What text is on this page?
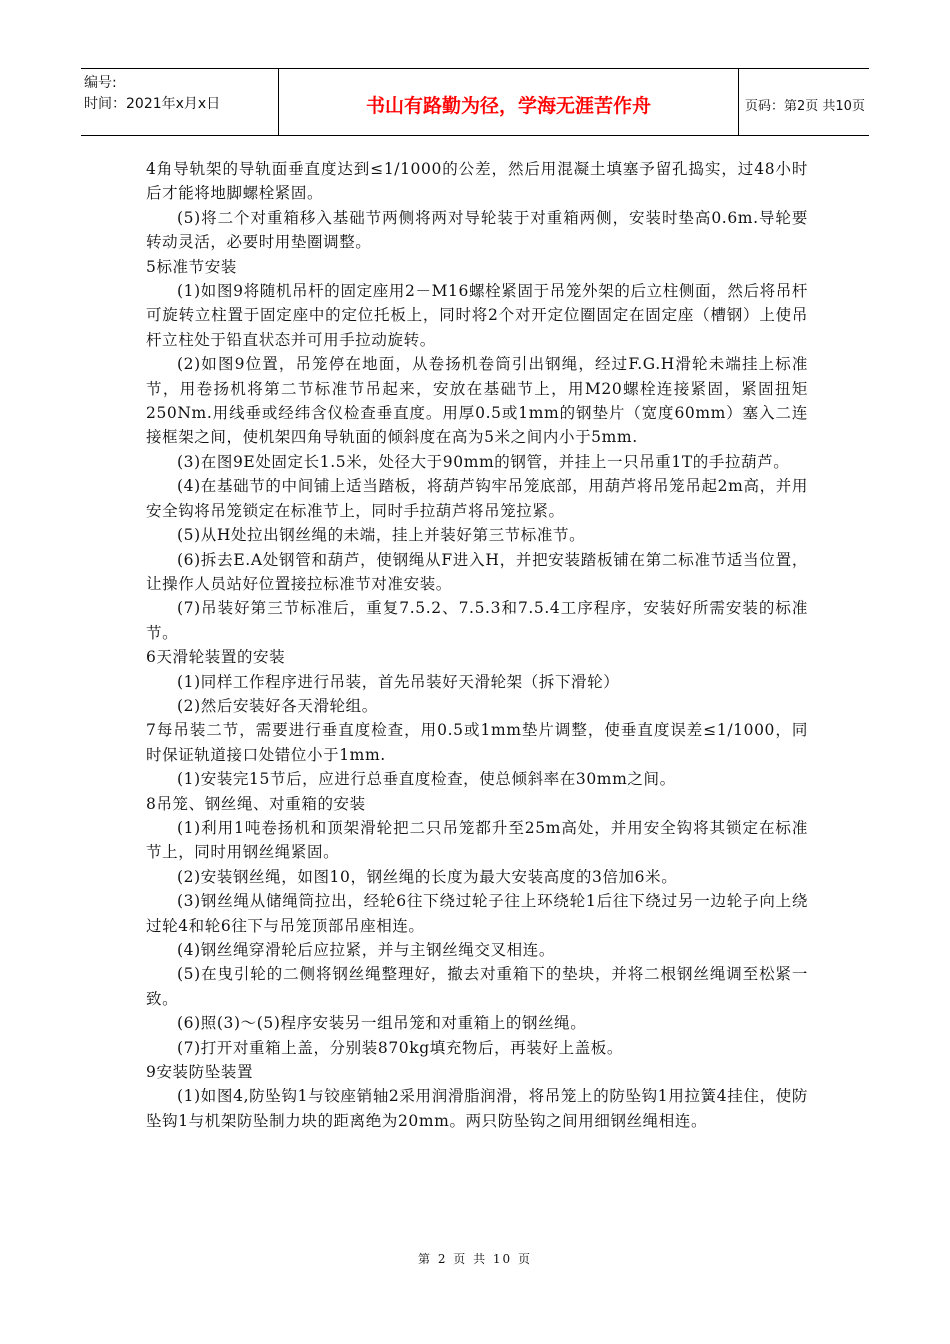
编号:
时间：2021年x月x日	书山有路勤为径，学海无涯苦作舟	页码：第2页 共10页

4角导轨架的导轨面垂直度达到≤1/1000的公差，然后用混凝土填塞予留孔捣实，过48小时后才能将地脚螺栓紧固。

(5)将二个对重箱移入基础节两侧将两对导轮装于对重箱两侧，安装时垫高0.6m.导轮要转动灵活，必要时用垫圈调整。

5标准节安装

(1)如图9将随机吊杆的固定座用2－M16螺栓紧固于吊笼外架的后立柱侧面，然后将吊杆可旋转立柱置于固定座中的定位托板上，同时将2个对开定位圈固定在固定座（槽钢）上使吊杆立柱处于铅直状态并可用手拉动旋转。

(2)如图9位置，吊笼停在地面，从卷扬机卷筒引出钢绳，经过F.G.H滑轮未端挂上标准节，用卷扬机将第二节标准节吊起来，安放在基础节上，用M20螺栓连接紧固，紧固扭矩250Nm.用线垂或经纬含仪检查垂直度。用厚0.5或1mm的钢垫片（宽度60mm）塞入二连接框架之间，使机架四角导轨面的倾斜度在高为5米之间内小于5mm.

(3)在图9E处固定长1.5米，处径大于90mm的钢管，并挂上一只吊重1T的手拉葫芦。

(4)在基础节的中间铺上适当踏板，将葫芦钩牢吊笼底部，用葫芦将吊笼吊起2m高，并用安全钩将吊笼锁定在标准节上，同时手拉葫芦将吊笼拉紧。

(5)从H处拉出钢丝绳的未端，挂上并装好第三节标准节。

(6)拆去E.A处钢管和葫芦，使钢绳从F进入H，并把安装踏板铺在第二标准节适当位置，让操作人员站好位置接拉标准节对准安装。

(7)吊装好第三节标准后，重复7.5.2、7.5.3和7.5.4工序程序，安装好所需安装的标准节。

6天滑轮装置的安装

(1)同样工作程序进行吊装，首先吊装好天滑轮架（拆下滑轮）

(2)然后安装好各天滑轮组。

7每吊装二节，需要进行垂直度检查，用0.5或1mm垫片调整，使垂直度误差≤1/1000，同时保证轨道接口处错位小于1mm.

(1)安装完15节后，应进行总垂直度检查，使总倾斜率在30mm之间。

8吊笼、钢丝绳、对重箱的安装

(1)利用1吨卷扬机和顶架滑轮把二只吊笼都升至25m高处，并用安全钩将其锁定在标准节上，同时用钢丝绳紧固。

(2)安装钢丝绳，如图10，钢丝绳的长度为最大安装高度的3倍加6米。

(3)钢丝绳从储绳筒拉出，经轮6往下绕过轮子往上环绕轮1后往下绕过另一边轮子向上绕过轮4和轮6往下与吊笼顶部吊座相连。

(4)钢丝绳穿滑轮后应拉紧，并与主钢丝绳交叉相连。

(5)在曳引轮的二侧将钢丝绳整理好，撤去对重箱下的垫块，并将二根钢丝绳调至松紧一致。

(6)照(3)～(5)程序安装另一组吊笼和对重箱上的钢丝绳。

(7)打开对重箱上盖，分别装870kg填充物后，再装好上盖板。

9安装防坠装置

(1)如图4,防坠钩1与铰座销轴2采用润滑脂润滑，将吊笼上的防坠钩1用拉簧4挂住，使防坠钩1与机架防坠制力块的距离绝为20mm。两只防坠钩之间用细钢丝绳相连。

第 2 页 共 10 页
